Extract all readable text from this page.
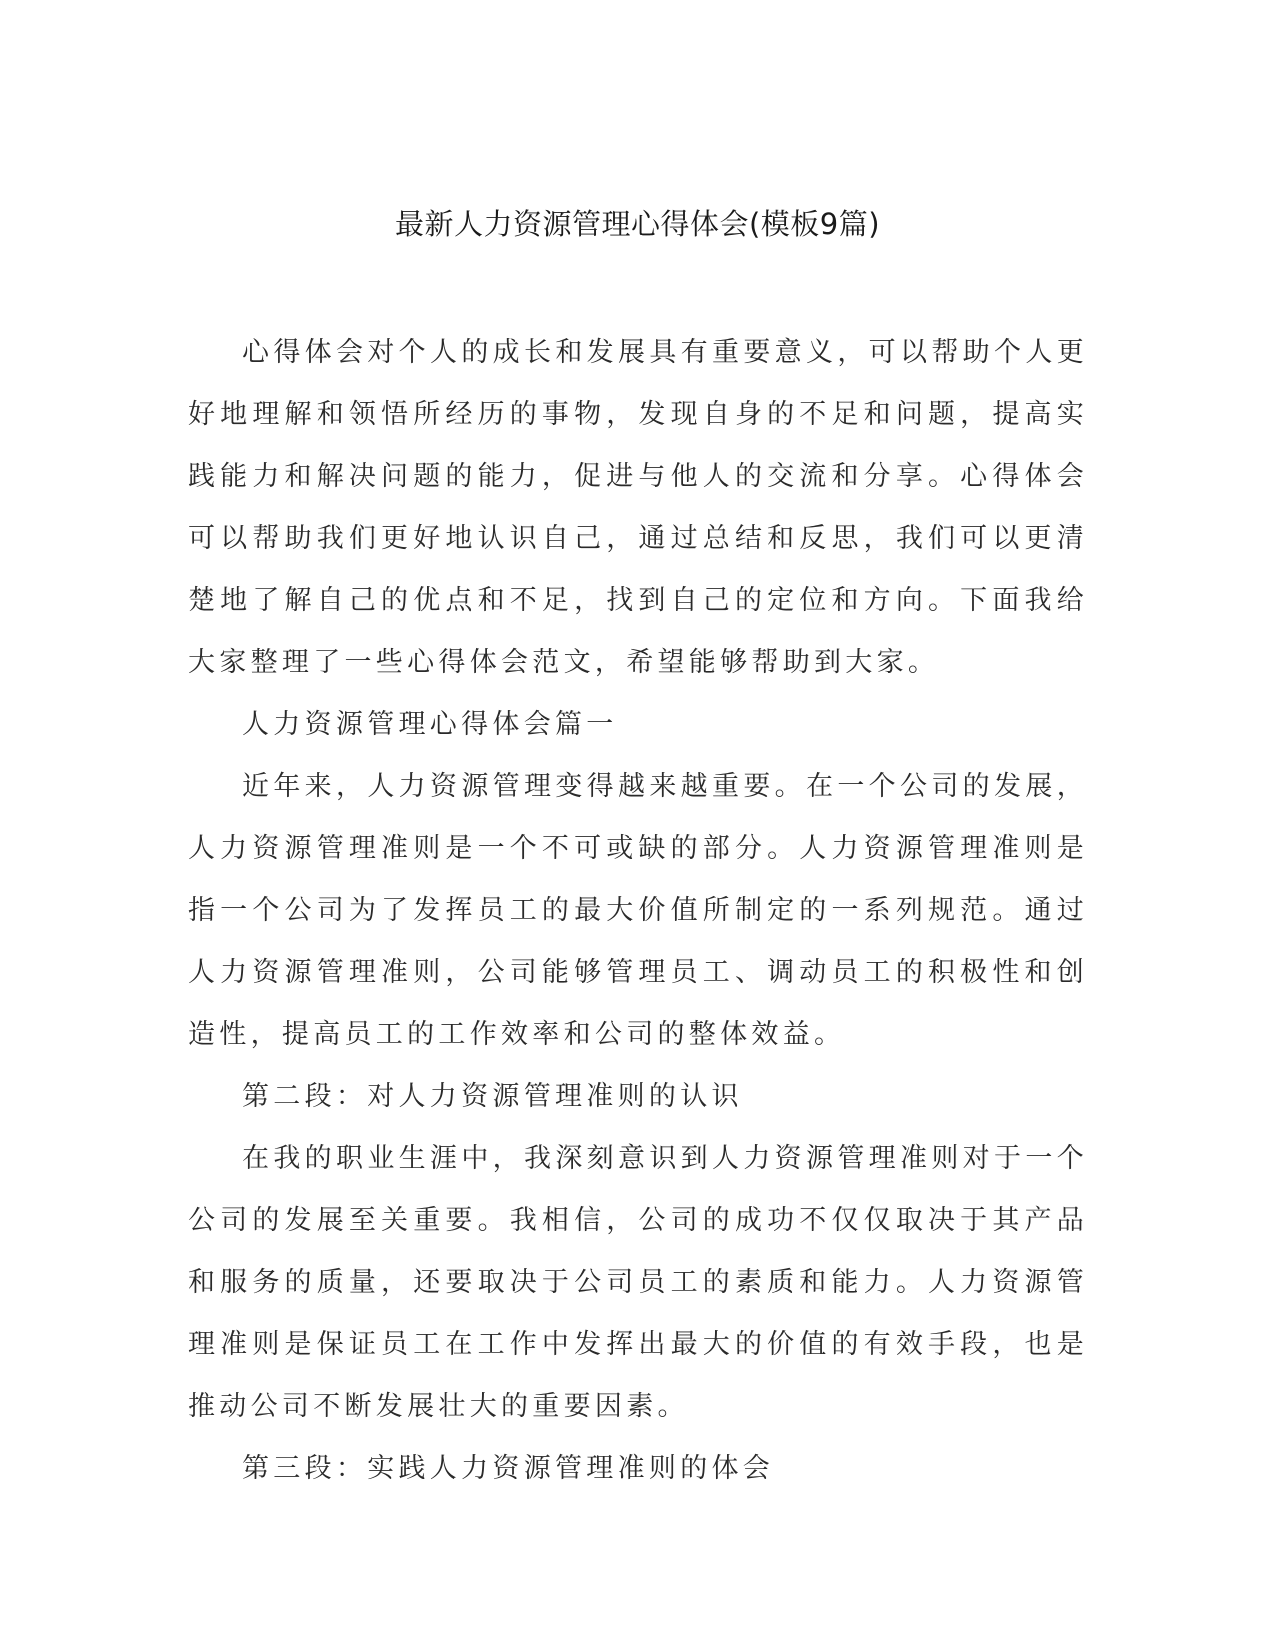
最新人力资源管理心得体会(模板9篇)

心得体会对个人的成长和发展具有重要意义，可以帮助个人更好地理解和领悟所经历的事物，发现自身的不足和问题，提高实践能力和解决问题的能力，促进与他人的交流和分享。心得体会可以帮助我们更好地认识自己，通过总结和反思，我们可以更清楚地了解自己的优点和不足，找到自己的定位和方向。下面我给大家整理了一些心得体会范文，希望能够帮助到大家。

人力资源管理心得体会篇一

近年来，人力资源管理变得越来越重要。在一个公司的发展，人力资源管理准则是一个不可或缺的部分。人力资源管理准则是指一个公司为了发挥员工的最大价值所制定的一系列规范。通过人力资源管理准则，公司能够管理员工、调动员工的积极性和创造性，提高员工的工作效率和公司的整体效益。

第二段：对人力资源管理准则的认识

在我的职业生涯中，我深刻意识到人力资源管理准则对于一个公司的发展至关重要。我相信，公司的成功不仅仅取决于其产品和服务的质量，还要取决于公司员工的素质和能力。人力资源管理准则是保证员工在工作中发挥出最大的价值的有效手段，也是推动公司不断发展壮大的重要因素。

第三段：实践人力资源管理准则的体会
